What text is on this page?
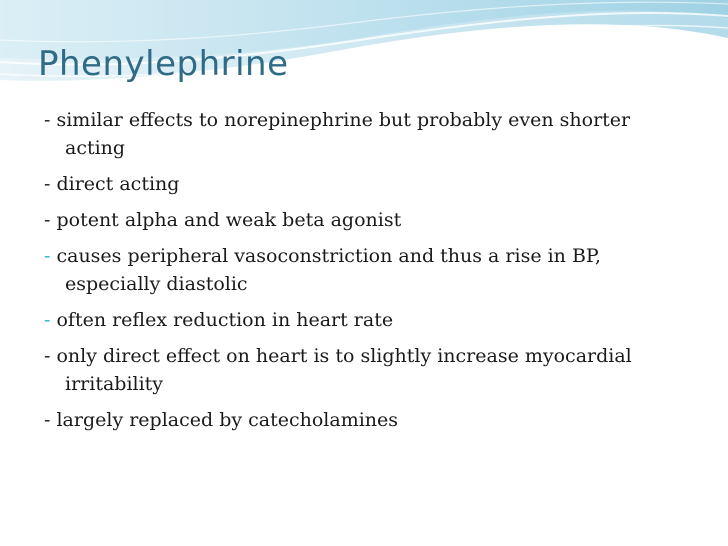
Phenylephrine
- similar effects to norepinephrine but probably even shorter acting
- direct acting
- potent alpha and weak beta agonist
- causes peripheral vasoconstriction and thus a rise in BP, especially diastolic
- often reflex reduction in heart rate
- only direct effect on heart is to slightly increase myocardial irritability
- largely replaced by catecholamines
